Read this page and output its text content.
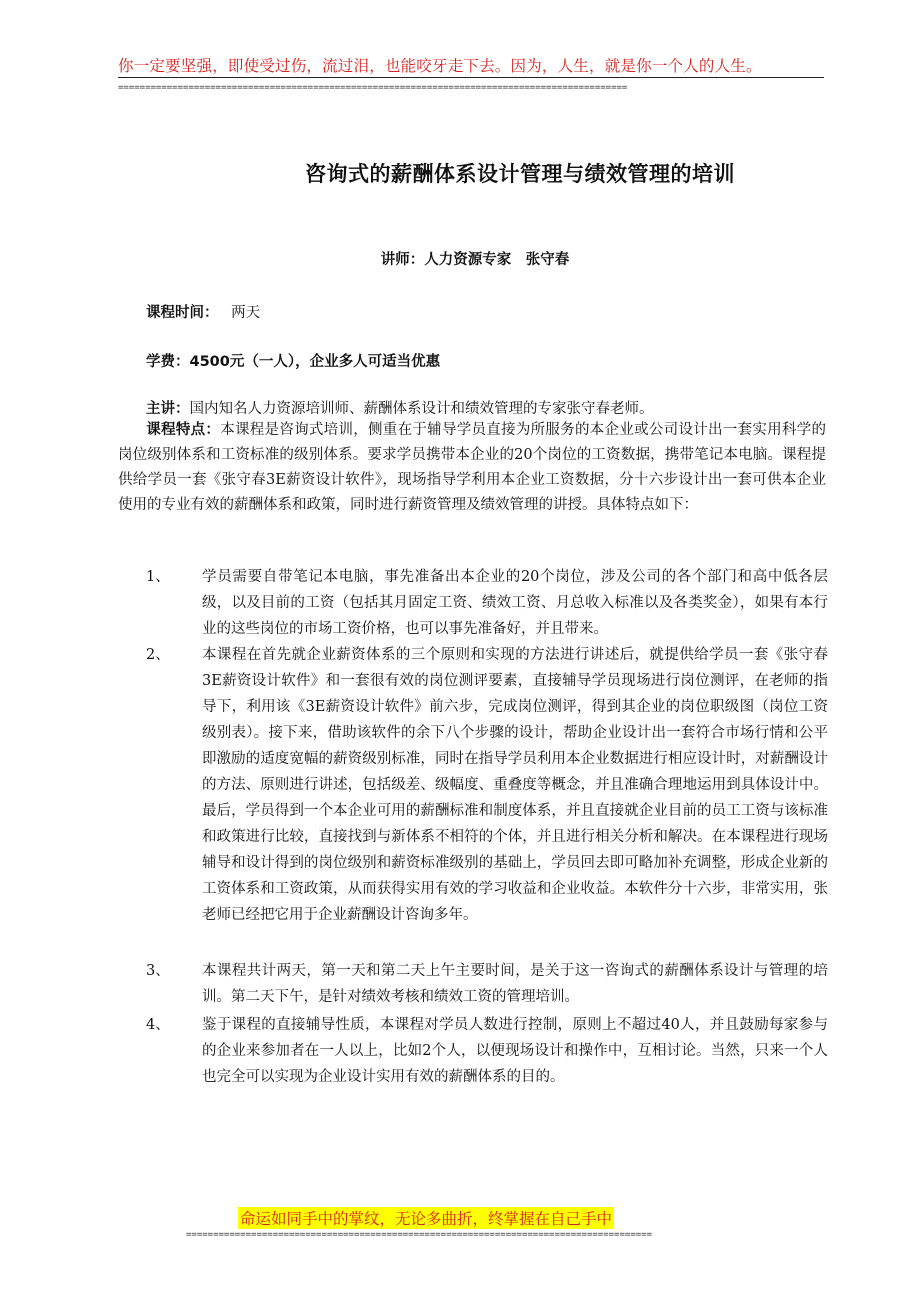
你一定要坚强，即使受过伤，流过泪，也能咬牙走下去。因为，人生，就是你一个人的人生。
==============================================================================================
咨询式的薪酬体系设计管理与绩效管理的培训
讲师：人力资源专家　张守春
课程时间： 两天
学费：4500元（一人），企业多人可适当优惠
主讲：国内知名人力资源培训师、薪酬体系设计和绩效管理的专家张守春老师。
课程特点：本课程是咨询式培训，侧重在于辅导学员直接为所服务的本企业或公司设计出一套实用科学的岗位级别体系和工资标准的级别体系。要求学员携带本企业的20个岗位的工资数据，携带笔记本电脑。课程提供给学员一套《张守春3E薪资设计软件》，现场指导学利用本企业工资数据，分十六步设计出一套可供本企业使用的专业有效的薪酬体系和政策，同时进行薪资管理及绩效管理的讲授。具体特点如下：
1、 学员需要自带笔记本电脑，事先准备出本企业的20个岗位，涉及公司的各个部门和高中低各层级，以及目前的工资（包括其月固定工资、绩效工资、月总收入标准以及各类奖金），如果有本行业的这些岗位的市场工资价格，也可以事先准备好，并且带来。
2、 本课程在首先就企业薪资体系的三个原则和实现的方法进行讲述后，就提供给学员一套《张守春3E薪资设计软件》和一套很有效的岗位测评要素，直接辅导学员现场进行岗位测评，在老师的指导下，利用该《3E薪资设计软件》前六步，完成岗位测评，得到其企业的岗位职级图（岗位工资级别表）。接下来，借助该软件的余下八个步骤的设计，帮助企业设计出一套符合市场行情和公平即激励的适度宽幅的薪资级别标准，同时在指导学员利用本企业数据进行相应设计时，对薪酬设计的方法、原则进行讲述，包括级差、级幅度、重叠度等概念，并且准确合理地运用到具体设计中。最后，学员得到一个本企业可用的薪酬标准和制度体系，并且直接就企业目前的员工工资与该标准和政策进行比较，直接找到与新体系不相符的个体，并且进行相关分析和解决。在本课程进行现场辅导和设计得到的岗位级别和薪资标准级别的基础上，学员回去即可略加补充调整，形成企业新的工资体系和工资政策，从而获得实用有效的学习收益和企业收益。本软件分十六步，非常实用，张老师已经把它用于企业薪酬设计咨询多年。
3、 本课程共计两天，第一天和第二天上午主要时间，是关于这一咨询式的薪酬体系设计与管理的培训。第二天下午，是针对绩效考核和绩效工资的管理培训。
4、 鉴于课程的直接辅导性质，本课程对学员人数进行控制，原则上不超过40人，并且鼓励每家参与的企业来参加者在一人以上，比如2个人，以便现场设计和操作中，互相讨论。当然，只来一个人也完全可以实现为企业设计实用有效的薪酬体系的目的。
命运如同手中的掌纹，无论多曲折，终掌握在自己手中
======================================================================================
